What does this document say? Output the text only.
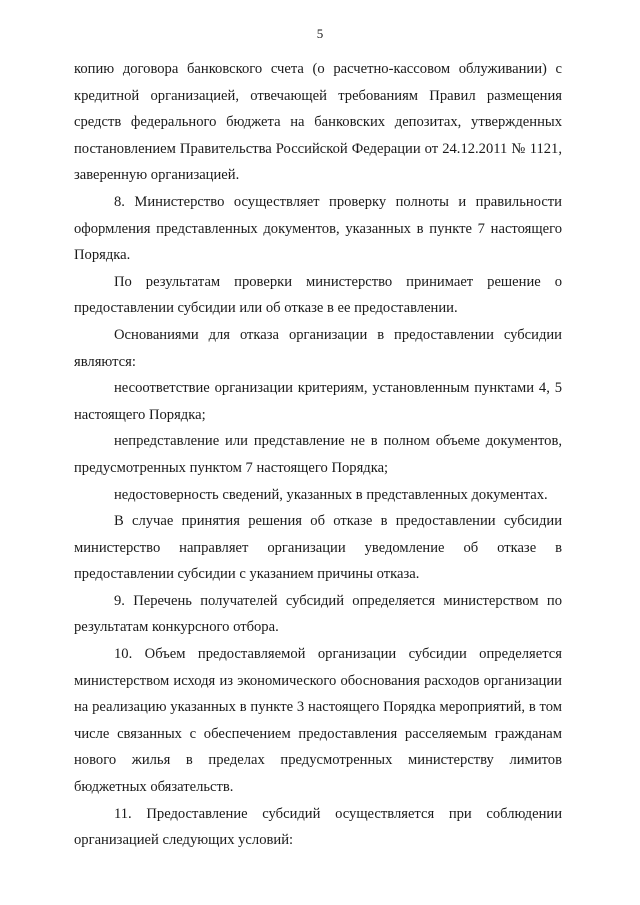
5

копию договора банковского счета (о расчетно-кассовом облуживании) с кредитной организацией, отвечающей требованиям Правил размещения средств федерального бюджета на банковских депозитах, утвержденных постановлением Правительства Российской Федерации от 24.12.2011 № 1121, заверенную организацией.

8. Министерство осуществляет проверку полноты и правильности оформления представленных документов, указанных в пункте 7 настоящего Порядка.

По результатам проверки министерство принимает решение о предоставлении субсидии или об отказе в ее предоставлении.

Основаниями для отказа организации в предоставлении субсидии являются:

несоответствие организации критериям, установленным пунктами 4, 5 настоящего Порядка;

непредставление или представление не в полном объеме документов, предусмотренных пунктом 7 настоящего Порядка;

недостоверность сведений, указанных в представленных документах.

В случае принятия решения об отказе в предоставлении субсидии министерство направляет организации уведомление об отказе в предоставлении субсидии с указанием причины отказа.

9. Перечень получателей субсидий определяется министерством по результатам конкурсного отбора.

10. Объем предоставляемой организации субсидии определяется министерством исходя из экономического обоснования расходов организации на реализацию указанных в пункте 3 настоящего Порядка мероприятий, в том числе связанных с обеспечением предоставления расселяемым гражданам нового жилья в пределах предусмотренных министерству лимитов бюджетных обязательств.

11. Предоставление субсидий осуществляется при соблюдении организацией следующих условий:
